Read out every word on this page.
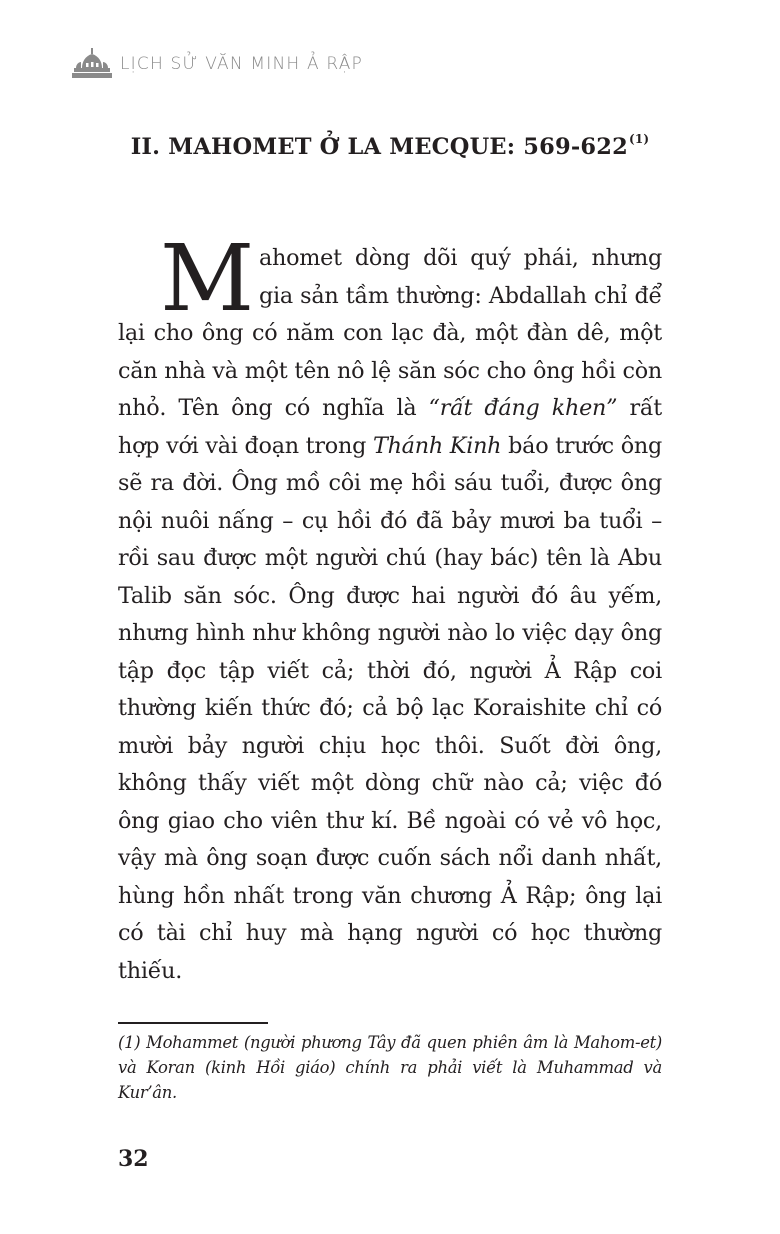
LỊCH SỬ VĂN MINH Ả RẬP
II. MAHOMET Ở LA MECQUE: 569-622$^{(1)}$

Mahomet dòng dõi quý phái, nhưng gia sản tầm thường: Abdallah chỉ để lại cho ông có năm con lạc đà, một đàn dê, một căn nhà và một tên nô lệ săn sóc cho ông hồi còn nhỏ. Tên ông có nghĩa là “rất đáng khen” rất hợp với vài đoạn trong Thánh Kinh báo trước ông sẽ ra đời. Ông mồ côi mẹ hồi sáu tuổi, được ông nội nuôi nấng – cụ hồi đó đã bảy mươi ba tuổi – rồi sau được một người chú (hay bác) tên là Abu Talib săn sóc. Ông được hai người đó âu yếm, nhưng hình như không người nào lo việc dạy ông tập đọc tập viết cả; thời đó, người Ả Rập coi thường kiến thức đó; cả bộ lạc Koraishite chỉ có mười bảy người chịu học thôi. Suốt đời ông, không thấy viết một dòng chữ nào cả; việc đó ông giao cho viên thư kí. Bề ngoài có vẻ vô học, vậy mà ông soạn được cuốn sách nổi danh nhất, hùng hồn nhất trong văn chương Ả Rập; ông lại có tài chỉ huy mà hạng người có học thường thiếu.

(1) Mohammet (người phương Tây đã quen phiên âm là Mahom-et) và Koran (kinh Hồi giáo) chính ra phải viết là Muhammad và Kur’ân.

32
